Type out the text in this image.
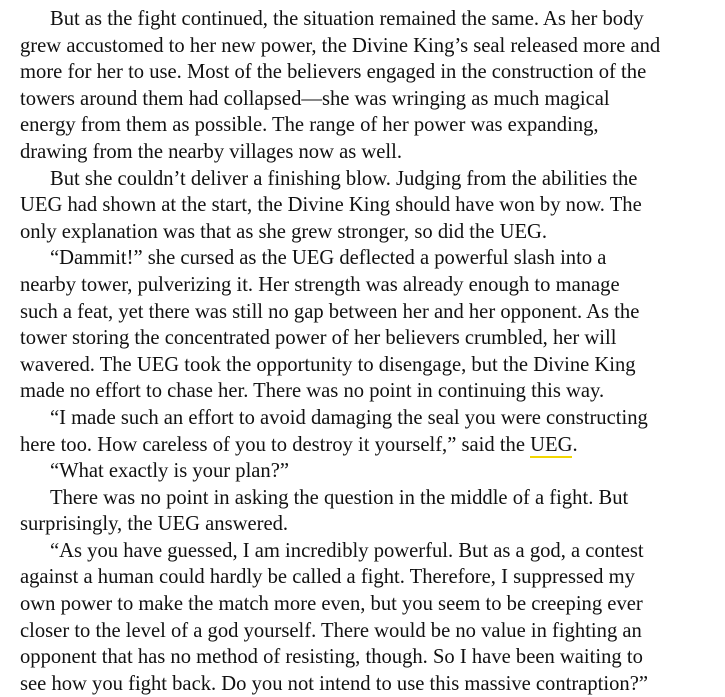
But as the fight continued, the situation remained the same. As her body
grew accustomed to her new power, the Divine King’s seal released more and
more for her to use. Most of the believers engaged in the construction of the
towers around them had collapsed—she was wringing as much magical
energy from them as possible. The range of her power was expanding,
drawing from the nearby villages now as well.
But she couldn’t deliver a finishing blow. Judging from the abilities the
UEG had shown at the start, the Divine King should have won by now. The
only explanation was that as she grew stronger, so did the UEG.
“Dammit!” she cursed as the UEG deflected a powerful slash into a
nearby tower, pulverizing it. Her strength was already enough to manage
such a feat, yet there was still no gap between her and her opponent. As the
tower storing the concentrated power of her believers crumbled, her will
wavered. The UEG took the opportunity to disengage, but the Divine King
made no effort to chase her. There was no point in continuing this way.
“I made such an effort to avoid damaging the seal you were constructing
here too. How careless of you to destroy it yourself,” said the UEG.
“What exactly is your plan?”
There was no point in asking the question in the middle of a fight. But
surprisingly, the UEG answered.
“As you have guessed, I am incredibly powerful. But as a god, a contest
against a human could hardly be called a fight. Therefore, I suppressed my
own power to make the match more even, but you seem to be creeping ever
closer to the level of a god yourself. There would be no value in fighting an
opponent that has no method of resisting, though. So I have been waiting to
see how you fight back. Do you not intend to use this massive contraption?”
